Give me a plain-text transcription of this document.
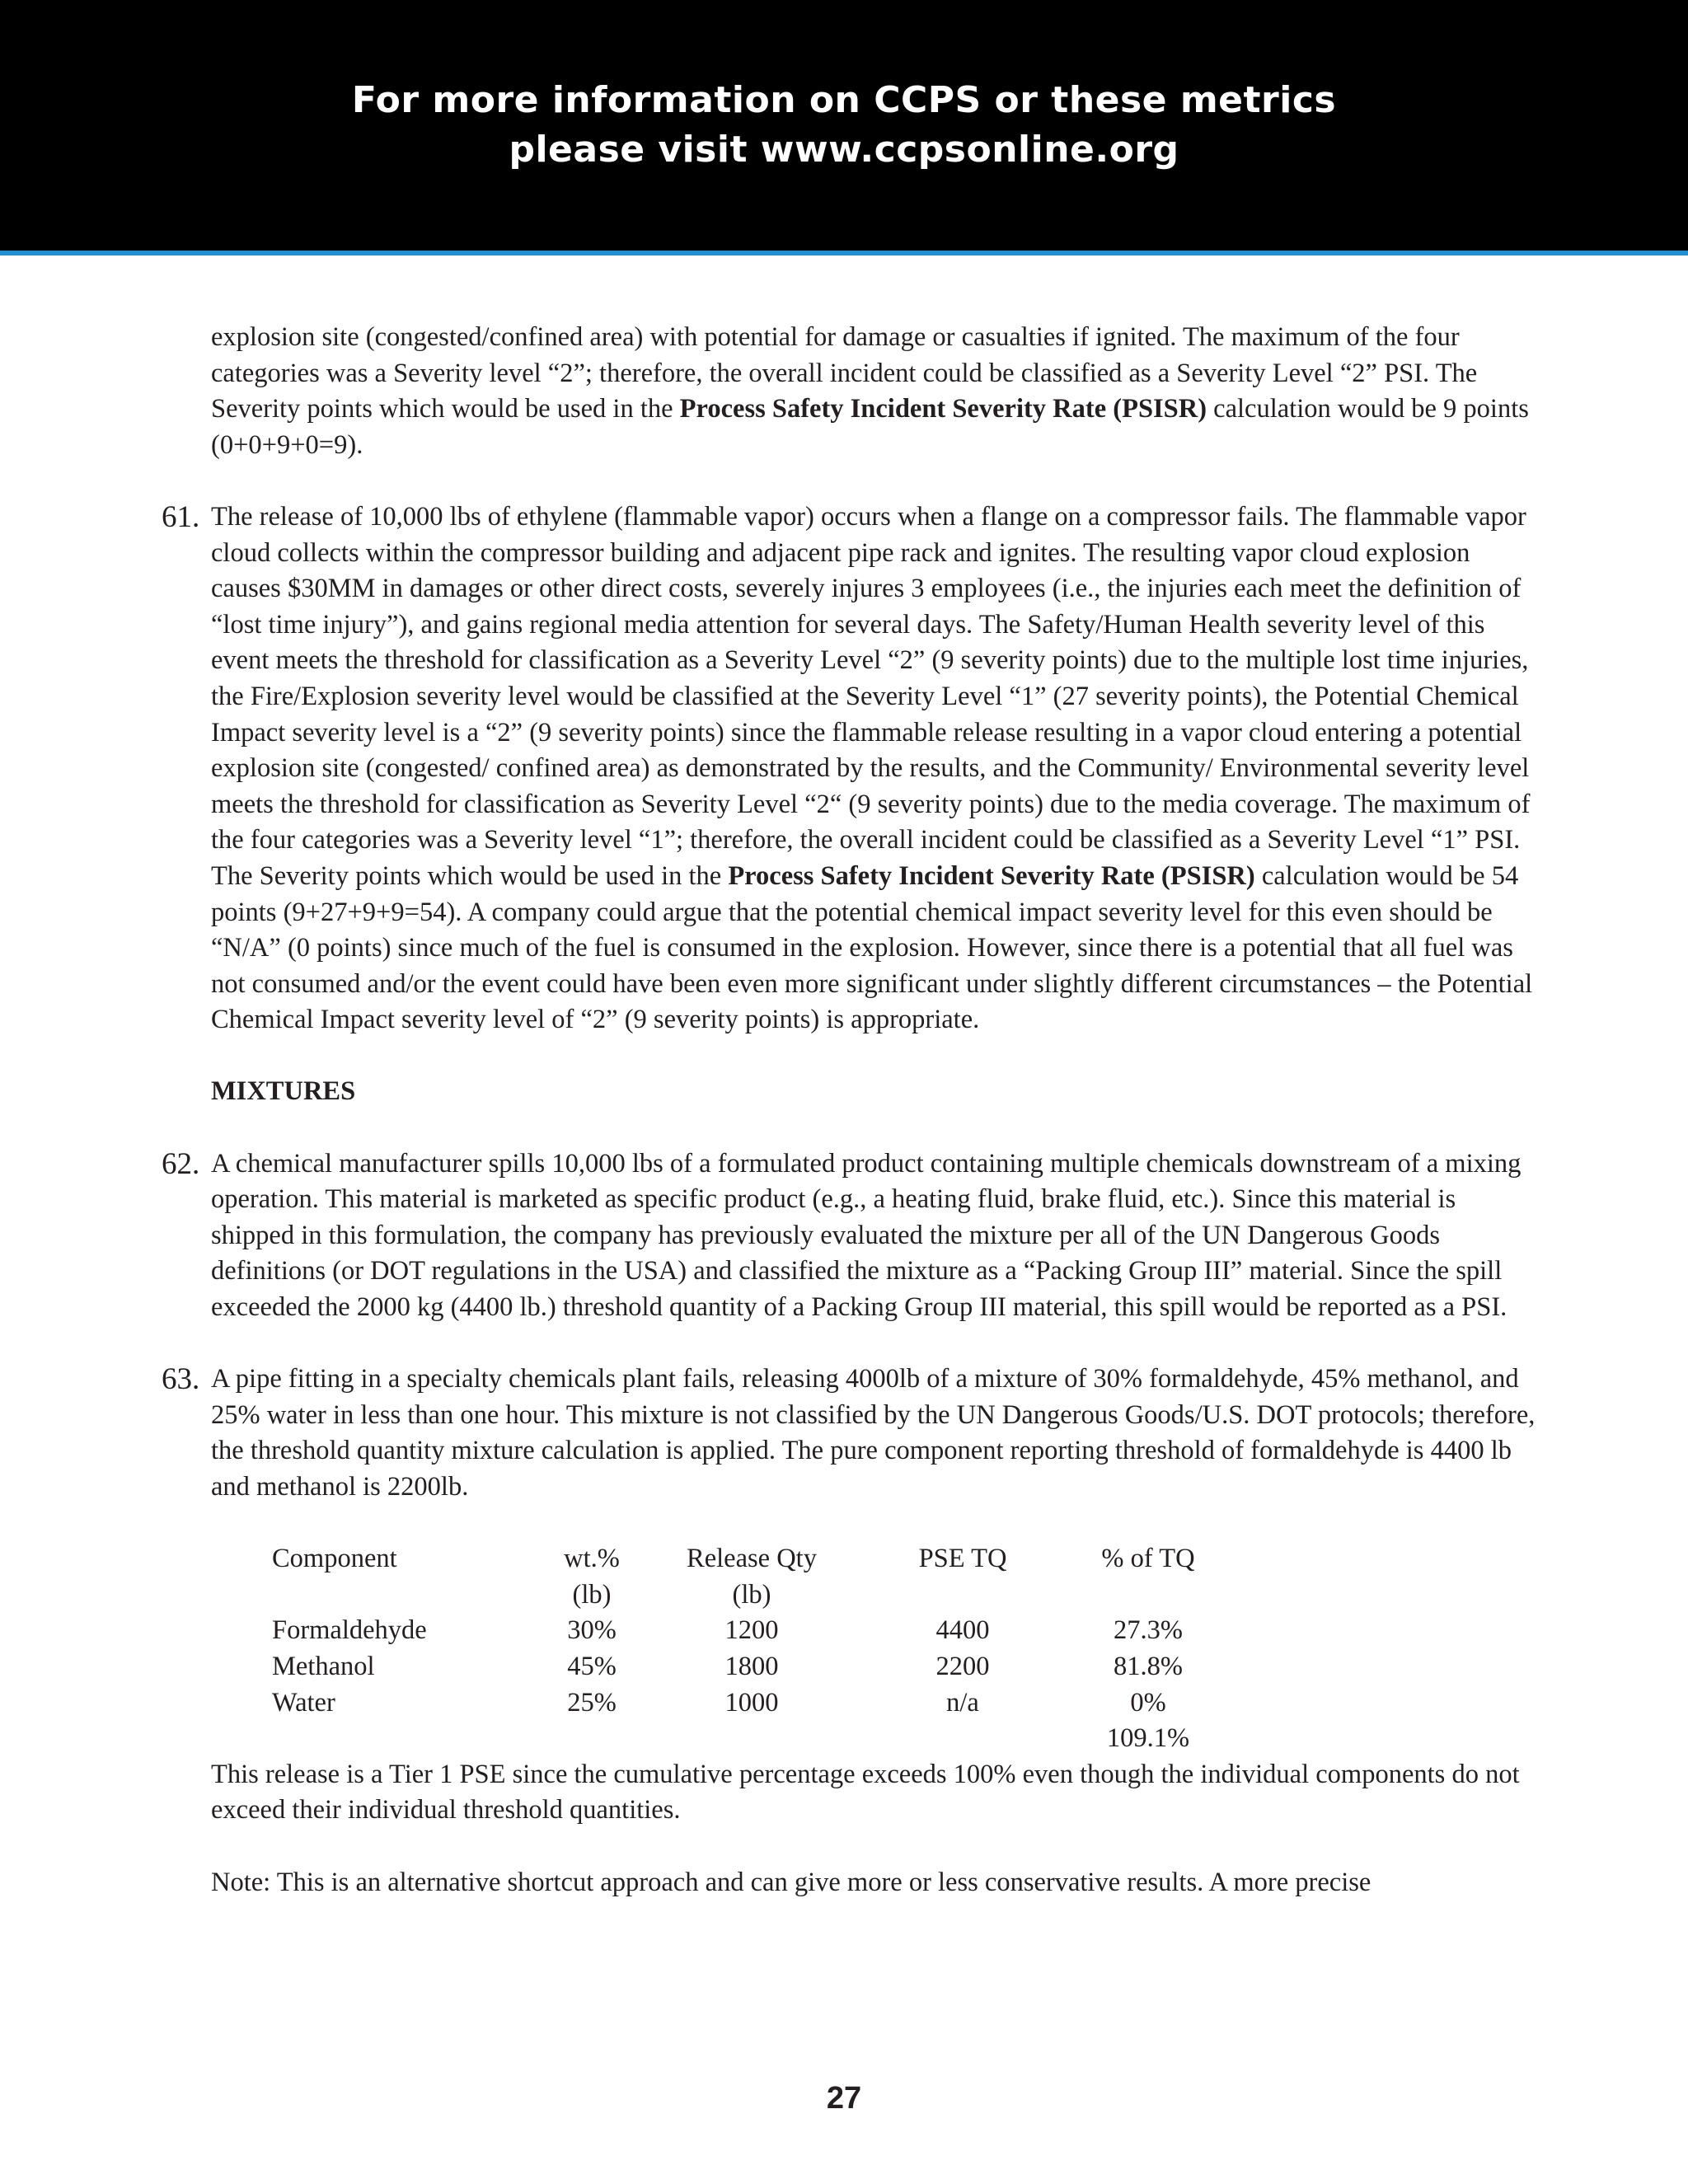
For more information on CCPS or these metrics
please visit www.ccpsonline.org
explosion site (congested/confined area) with potential for damage or casualties if ignited. The maximum of the four categories was a Severity level “2”; therefore, the overall incident could be classified as a Severity Level “2” PSI. The Severity points which would be used in the Process Safety Incident Severity Rate (PSISR) calculation would be 9 points (0+0+9+0=9).
61. The release of 10,000 lbs of ethylene (flammable vapor) occurs when a flange on a compressor fails. The flammable vapor cloud collects within the compressor building and adjacent pipe rack and ignites. The resulting vapor cloud explosion causes $30MM in damages or other direct costs, severely injures 3 employees (i.e., the injuries each meet the definition of “lost time injury”), and gains regional media attention for several days. The Safety/Human Health severity level of this event meets the threshold for classification as a Severity Level “2” (9 severity points) due to the multiple lost time injuries, the Fire/Explosion severity level would be classified at the Severity Level “1” (27 severity points), the Potential Chemical Impact severity level is a “2” (9 severity points) since the flammable release resulting in a vapor cloud entering a potential explosion site (congested/ confined area) as demonstrated by the results, and the Community/ Environmental severity level meets the threshold for classification as Severity Level “2“ (9 severity points) due to the media coverage. The maximum of the four categories was a Severity level “1”; therefore, the overall incident could be classified as a Severity Level “1” PSI. The Severity points which would be used in the Process Safety Incident Severity Rate (PSISR) calculation would be 54 points (9+27+9+9=54). A company could argue that the potential chemical impact severity level for this even should be “N/A” (0 points) since much of the fuel is consumed in the explosion. However, since there is a potential that all fuel was not consumed and/or the event could have been even more significant under slightly different circumstances – the Potential Chemical Impact severity level of “2” (9 severity points) is appropriate.
MIXTURES
62. A chemical manufacturer spills 10,000 lbs of a formulated product containing multiple chemicals downstream of a mixing operation. This material is marketed as specific product (e.g., a heating fluid, brake fluid, etc.). Since this material is shipped in this formulation, the company has previously evaluated the mixture per all of the UN Dangerous Goods definitions (or DOT regulations in the USA) and classified the mixture as a “Packing Group III” material. Since the spill exceeded the 2000 kg (4400 lb.) threshold quantity of a Packing Group III material, this spill would be reported as a PSI.
63. A pipe fitting in a specialty chemicals plant fails, releasing 4000lb of a mixture of 30% formaldehyde, 45% methanol, and 25% water in less than one hour. This mixture is not classified by the UN Dangerous Goods/U.S. DOT protocols; therefore, the threshold quantity mixture calculation is applied. The pure component reporting threshold of formaldehyde is 4400 lb and methanol is 2200lb.
Component	wt.%	Release Qty	PSE TQ	% of TQ
	(lb)	(lb)		
Formaldehyde	30%	1200	4400	27.3%
Methanol	45%	1800	2200	81.8%
Water	25%	1000	n/a	0%
				109.1%
This release is a Tier 1 PSE since the cumulative percentage exceeds 100% even though the individual components do not exceed their individual threshold quantities.
Note: This is an alternative shortcut approach and can give more or less conservative results. A more precise
27
